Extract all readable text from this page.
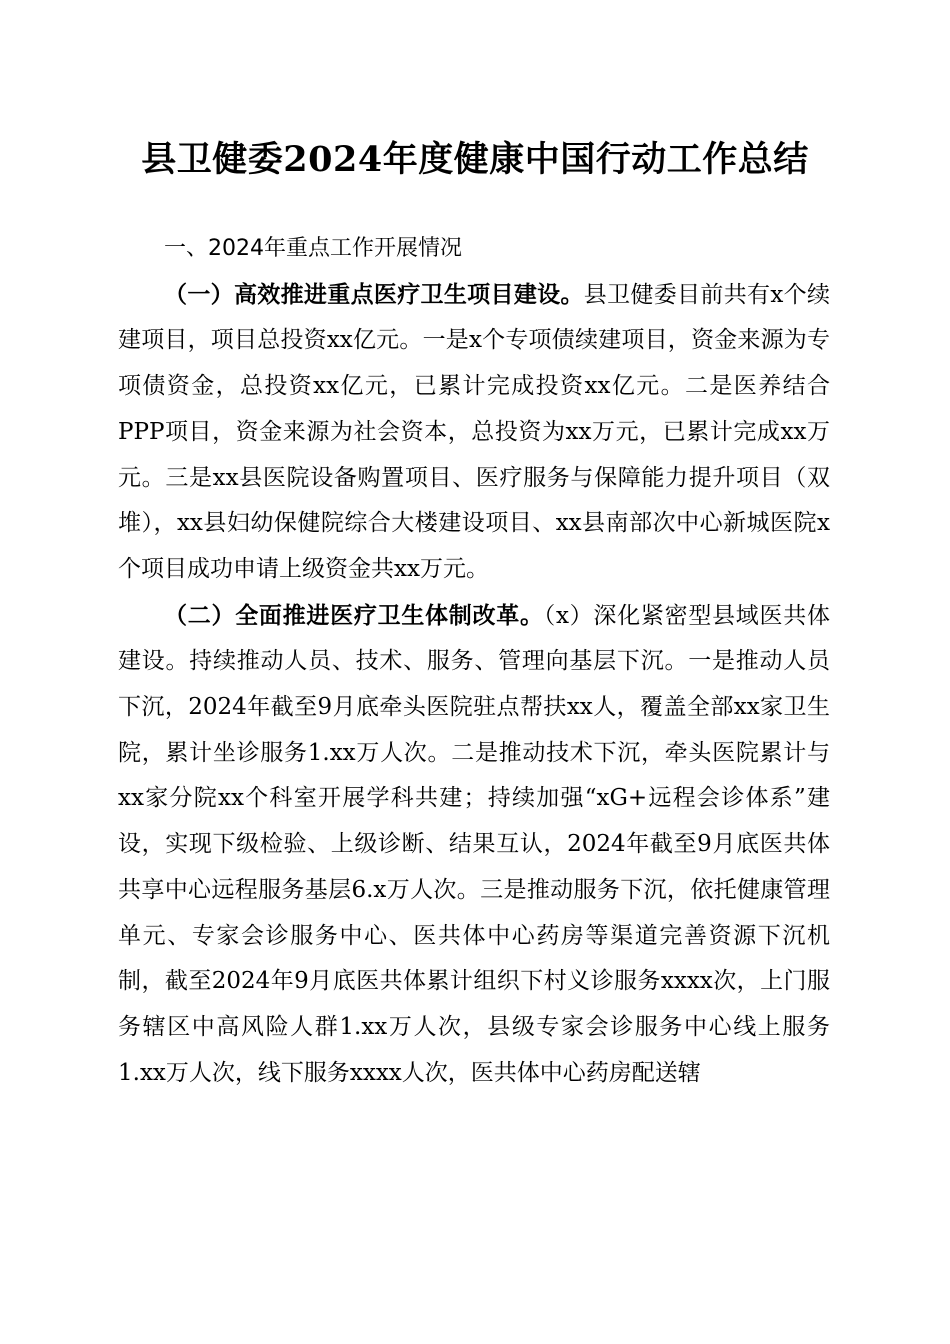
县卫健委2024年度健康中国行动工作总结

一、2024年重点工作开展情况

（一）高效推进重点医疗卫生项目建设。县卫健委目前共有x个续建项目，项目总投资xx亿元。一是x个专项债续建项目，资金来源为专项债资金，总投资xx亿元，已累计完成投资xx亿元。二是医养结合PPP项目，资金来源为社会资本，总投资为xx万元，已累计完成xx万元。三是xx县医院设备购置项目、医疗服务与保障能力提升项目（双堆），xx县妇幼保健院综合大楼建设项目、xx县南部次中心新城医院x个项目成功申请上级资金共xx万元。

（二）全面推进医疗卫生体制改革。（x）深化紧密型县域医共体建设。持续推动人员、技术、服务、管理向基层下沉。一是推动人员下沉，2024年截至9月底牵头医院驻点帮扶xx人，覆盖全部xx家卫生院，累计坐诊服务1.xx万人次。二是推动技术下沉，牵头医院累计与xx家分院xx个科室开展学科共建；持续加强“xG+远程会诊体系”建设，实现下级检验、上级诊断、结果互认，2024年截至9月底医共体共享中心远程服务基层6.x万人次。三是推动服务下沉，依托健康管理单元、专家会诊服务中心、医共体中心药房等渠道完善资源下沉机制，截至2024年9月底医共体累计组织下村义诊服务xxxx次，上门服务辖区中高风险人群1.xx万人次，县级专家会诊服务中心线上服务1.xx万人次，线下服务xxxx人次，医共体中心药房配送辖
